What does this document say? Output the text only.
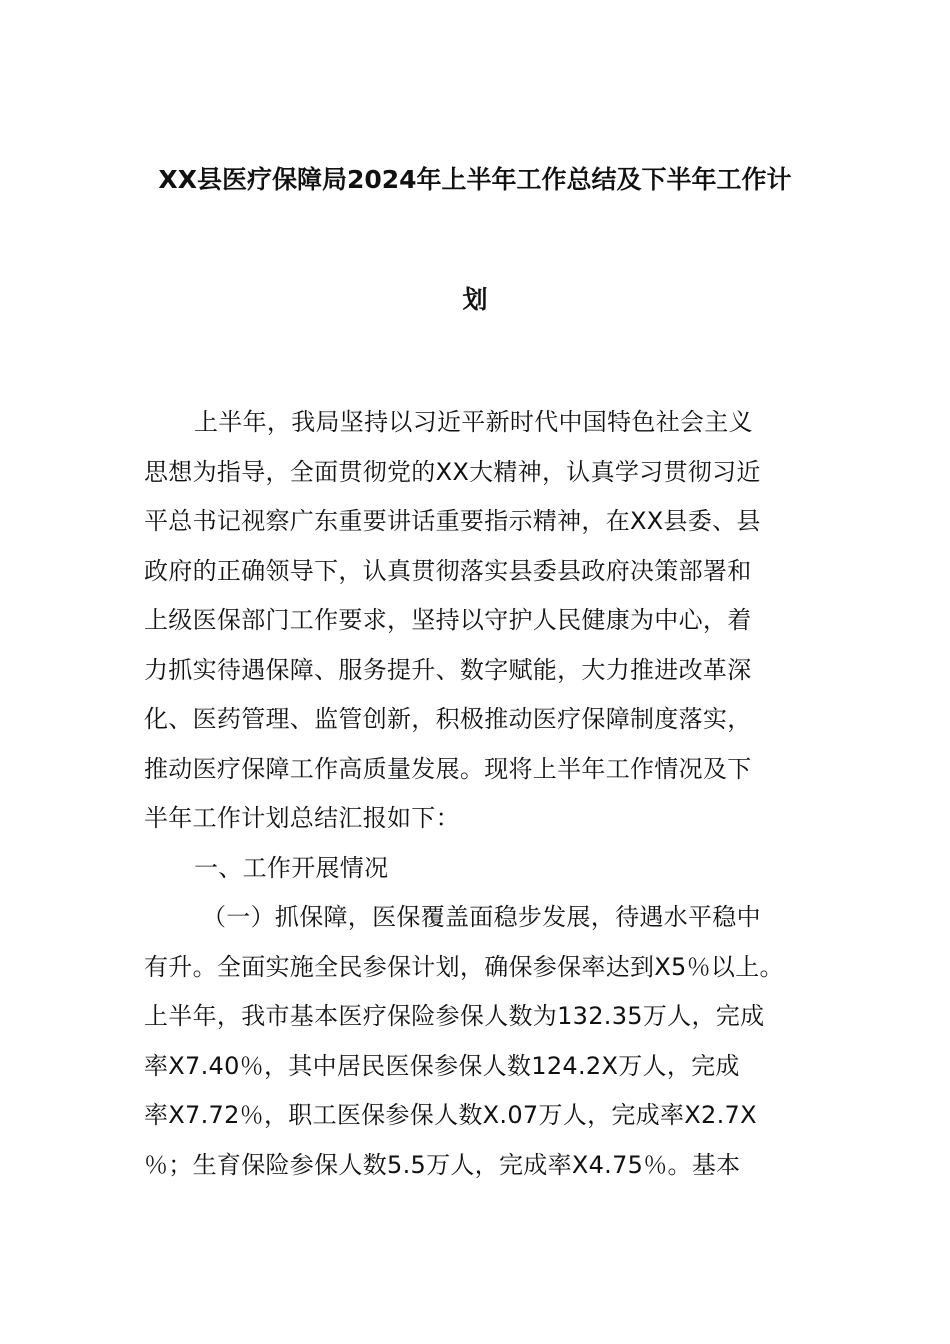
XX县医疗保障局2024年上半年工作总结及下半年工作计
划
上半年，我局坚持以习近平新时代中国特色社会主义
思想为指导，全面贯彻党的XX大精神，认真学习贯彻习近
平总书记视察广东重要讲话重要指示精神，在XX县委、县
政府的正确领导下，认真贯彻落实县委县政府决策部署和
上级医保部门工作要求，坚持以守护人民健康为中心，着
力抓实待遇保障、服务提升、数字赋能，大力推进改革深
化、医药管理、监管创新，积极推动医疗保障制度落实，
推动医疗保障工作高质量发展。现将上半年工作情况及下
半年工作计划总结汇报如下：
一、工作开展情况
（一）抓保障，医保覆盖面稳步发展，待遇水平稳中
有升。全面实施全民参保计划，确保参保率达到X5％以上。
上半年，我市基本医疗保险参保人数为132.35万人，完成
率X7.40％，其中居民医保参保人数124.2X万人，完成
率X7.72％，职工医保参保人数X.07万人，完成率X2.7X
％；生育保险参保人数5.5万人，完成率X4.75％。基本
